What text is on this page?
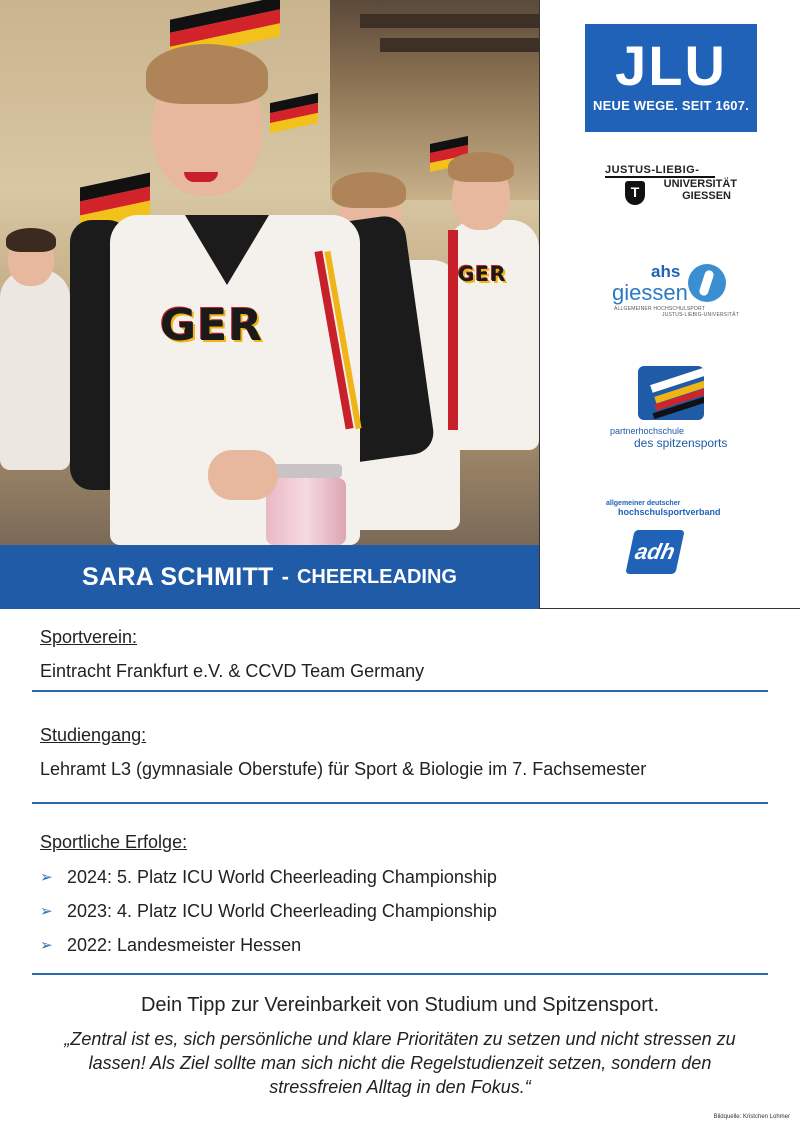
GER
GER
SARA SCHMITT - CHEERLEADING
JLU
NEUE WEGE. SEIT 1607.
JUSTUS-LIEBIG-
UNIVERSITÄT
GIESSEN
T
ahs
giessen
ALLGEMEINER HOCHSCHULSPORT
JUSTUS-LIEBIG-UNIVERSITÄT
partnerhochschule
des spitzensports
allgemeiner deutscher
hochschulsportverband
adh
Sportverein:
Eintracht Frankfurt e.V. & CCVD Team Germany
Studiengang:
Lehramt L3 (gymnasiale Oberstufe) für Sport & Biologie im 7. Fachsemester
Sportliche Erfolge:
➢ 2024: 5. Platz ICU World Cheerleading Championship
➢ 2023: 4. Platz ICU World Cheerleading Championship
➢ 2022: Landesmeister Hessen
Dein Tipp zur Vereinbarkeit von Studium und Spitzensport.
„Zentral ist es, sich persönliche und klare Prioritäten zu setzen und nicht stressen zu lassen! Als Ziel sollte man sich nicht die Regelstudienzeit setzen, sondern den stressfreien Alltag in den Fokus.“
Bildquelle: Kristchen Lohmer
